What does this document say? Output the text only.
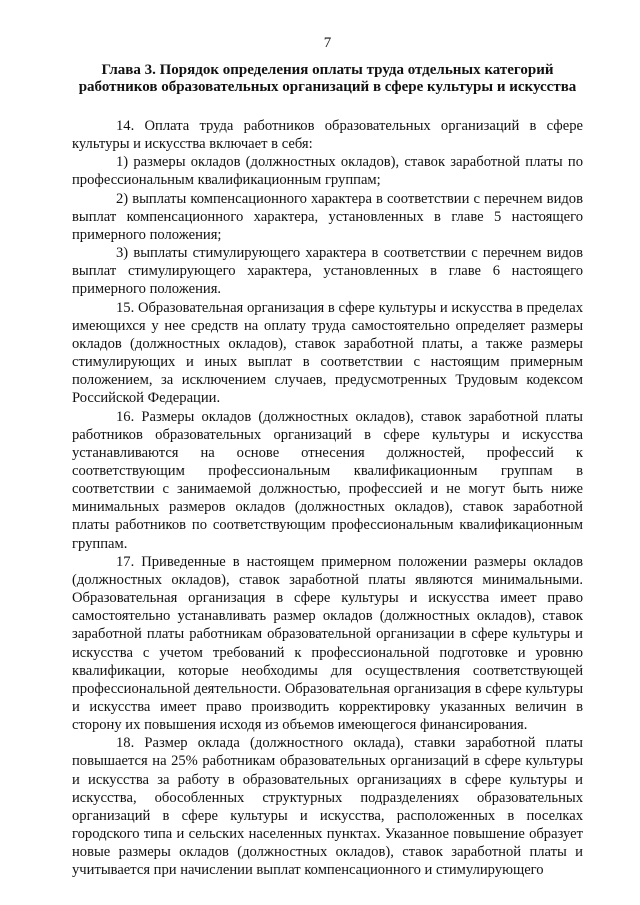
7
Глава 3. Порядок определения оплаты труда отдельных категорий
работников образовательных организаций в сфере культуры и искусства

14. Оплата труда работников образовательных организаций в сфере культуры и искусства включает в себя:

1) размеры окладов (должностных окладов), ставок заработной платы по профессиональным квалификационным группам;

2) выплаты компенсационного характера в соответствии с перечнем видов выплат компенсационного характера, установленных в главе 5 настоящего примерного положения;

3) выплаты стимулирующего характера в соответствии с перечнем видов выплат стимулирующего характера, установленных в главе 6 настоящего примерного положения.

15. Образовательная организация в сфере культуры и искусства в пределах имеющихся у нее средств на оплату труда самостоятельно определяет размеры окладов (должностных окладов), ставок заработной платы, а также размеры стимулирующих и иных выплат в соответствии с настоящим примерным положением, за исключением случаев, предусмотренных Трудовым кодексом Российской Федерации.

16. Размеры окладов (должностных окладов), ставок заработной платы работников образовательных организаций в сфере культуры и искусства устанавливаются на основе отнесения должностей, профессий к соответствующим профессиональным квалификационным группам в соответствии с занимаемой должностью, профессией и не могут быть ниже минимальных размеров окладов (должностных окладов), ставок заработной платы работников по соответствующим профессиональным квалификационным группам.

17. Приведенные в настоящем примерном положении размеры окладов (должностных окладов), ставок заработной платы являются минимальными. Образовательная организация в сфере культуры и искусства имеет право самостоятельно устанавливать размер окладов (должностных окладов), ставок заработной платы работникам образовательной организации в сфере культуры и искусства с учетом требований к профессиональной подготовке и уровню квалификации, которые необходимы для осуществления соответствующей профессиональной деятельности. Образовательная организация в сфере культуры и искусства имеет право производить корректировку указанных величин в сторону их повышения исходя из объемов имеющегося финансирования.

18. Размер оклада (должностного оклада), ставки заработной платы повышается на 25% работникам образовательных организаций в сфере культуры и искусства за работу в образовательных организациях в сфере культуры и искусства, обособленных структурных подразделениях образовательных организаций в сфере культуры и искусства, расположенных в поселках городского типа и сельских населенных пунктах. Указанное повышение образует новые размеры окладов (должностных окладов), ставок заработной платы и учитывается при начислении выплат компенсационного и стимулирующего
